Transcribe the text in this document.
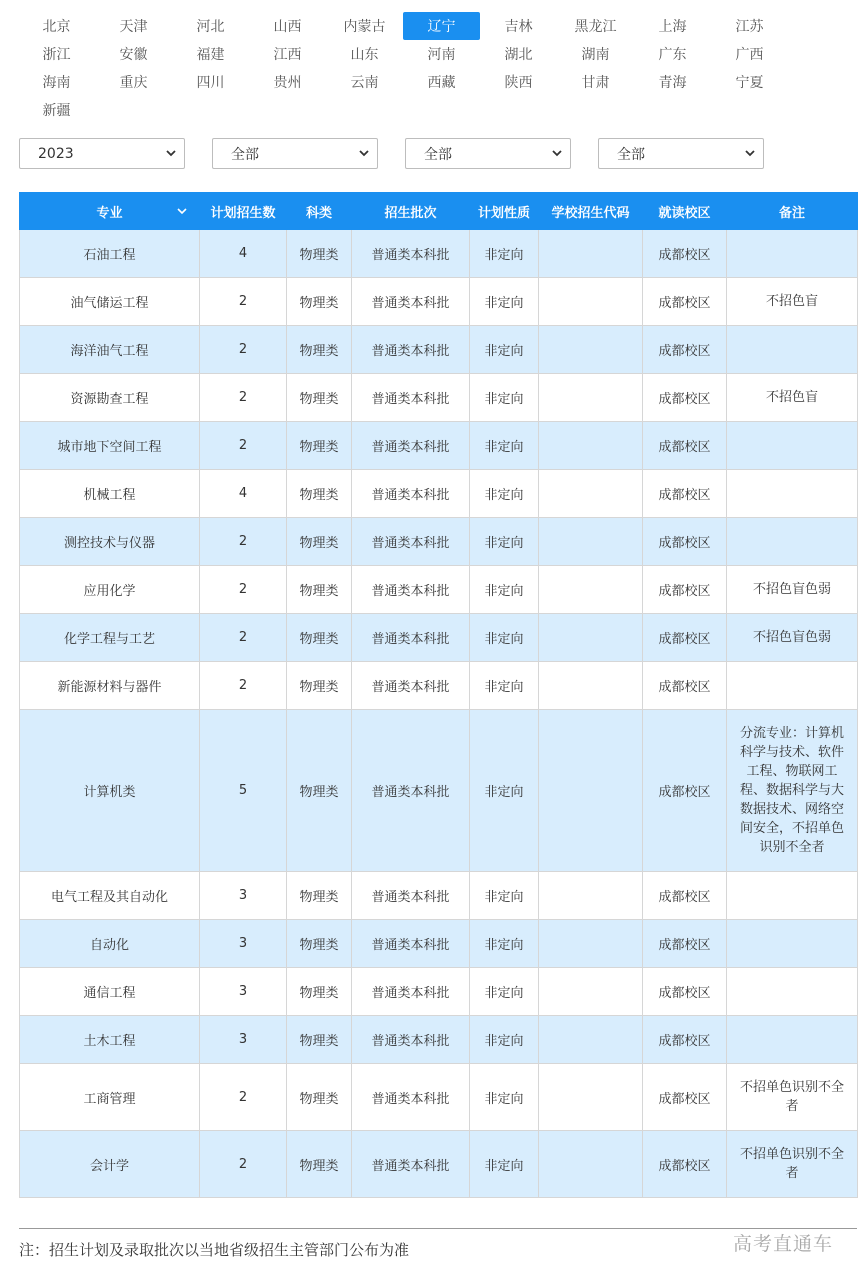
北京	天津	河北	山西	内蒙古	辽宁	吉林	黑龙江	上海	江苏
浙江	安徽	福建	江西	山东	河南	湖北	湖南	广东	广西
海南	重庆	四川	贵州	云南	西藏	陕西	甘肃	青海	宁夏
新疆
2023	全部	全部	全部
专业	计划招生数	科类	招生批次	计划性质	学校招生代码	就读校区	备注
石油工程	4	物理类	普通类本科批	非定向		成都校区	
油气储运工程	2	物理类	普通类本科批	非定向		成都校区	不招色盲
海洋油气工程	2	物理类	普通类本科批	非定向		成都校区	
资源勘查工程	2	物理类	普通类本科批	非定向		成都校区	不招色盲
城市地下空间工程	2	物理类	普通类本科批	非定向		成都校区	
机械工程	4	物理类	普通类本科批	非定向		成都校区	
测控技术与仪器	2	物理类	普通类本科批	非定向		成都校区	
应用化学	2	物理类	普通类本科批	非定向		成都校区	不招色盲色弱
化学工程与工艺	2	物理类	普通类本科批	非定向		成都校区	不招色盲色弱
新能源材料与器件	2	物理类	普通类本科批	非定向		成都校区	
计算机类	5	物理类	普通类本科批	非定向		成都校区	分流专业：计算机科学与技术、软件工程、物联网工程、数据科学与大数据技术、网络空间安全，不招单色识别不全者
电气工程及其自动化	3	物理类	普通类本科批	非定向		成都校区	
自动化	3	物理类	普通类本科批	非定向		成都校区	
通信工程	3	物理类	普通类本科批	非定向		成都校区	
土木工程	3	物理类	普通类本科批	非定向		成都校区	
工商管理	2	物理类	普通类本科批	非定向		成都校区	不招单色识别不全者
会计学	2	物理类	普通类本科批	非定向		成都校区	不招单色识别不全者
注：招生计划及录取批次以当地省级招生主管部门公布为准	高考直通车
